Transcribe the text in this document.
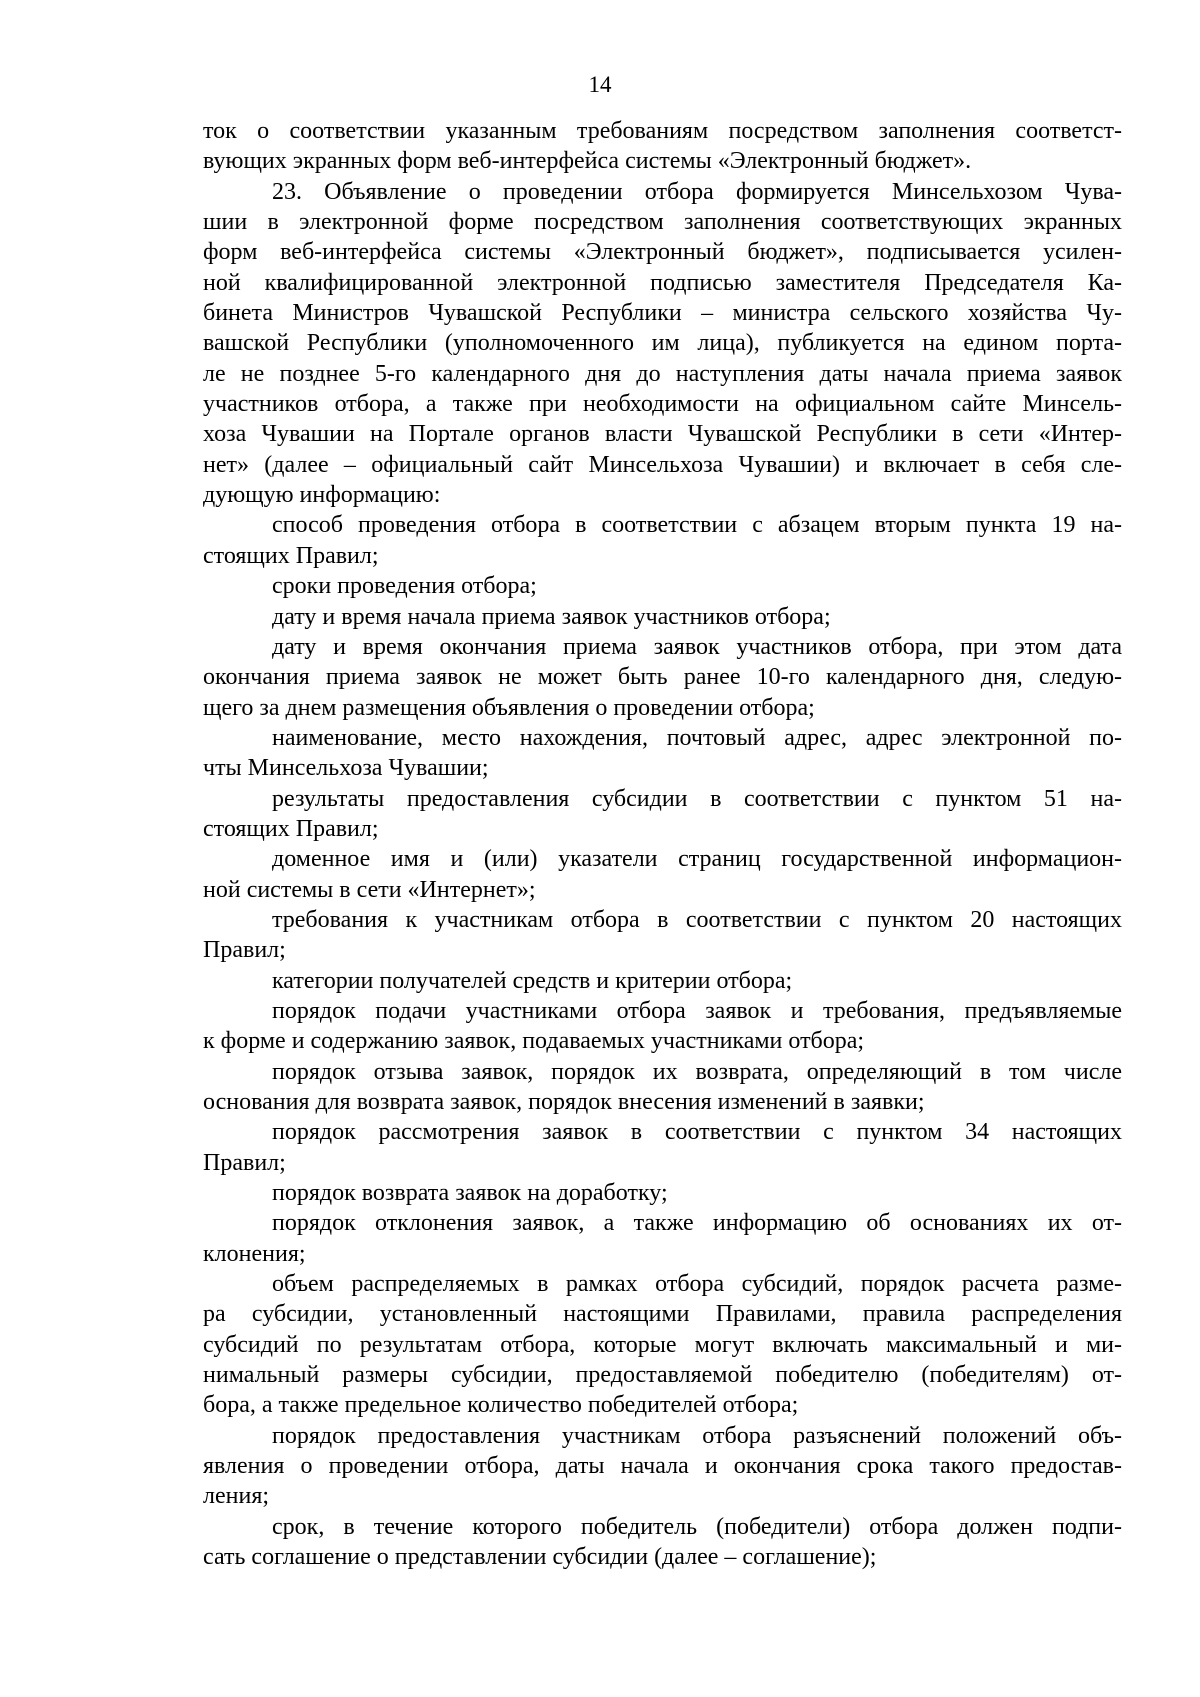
14
ток о соответствии указанным требованиям посредством заполнения соответст-
вующих экранных форм веб-интерфейса системы «Электронный бюджет».
23. Объявление о проведении отбора формируется Минсельхозом Чува-
шии в электронной форме посредством заполнения соответствующих экранных
форм веб-интерфейса системы «Электронный бюджет», подписывается усилен-
ной квалифицированной электронной подписью заместителя Председателя Ка-
бинета Министров Чувашской Республики – министра сельского хозяйства Чу-
вашской Республики (уполномоченного им лица), публикуется на едином порта-
ле не позднее 5-го календарного дня до наступления даты начала приема заявок
участников отбора, а также при необходимости на официальном сайте Минсель-
хоза Чувашии на Портале органов власти Чувашской Республики в сети «Интер-
нет» (далее – официальный сайт Минсельхоза Чувашии) и включает в себя сле-
дующую информацию:
способ проведения отбора в соответствии с абзацем вторым пункта 19 на-
стоящих Правил;
сроки проведения отбора;
дату и время начала приема заявок участников отбора;
дату и время окончания приема заявок участников отбора, при этом дата
окончания приема заявок не может быть ранее 10-го календарного дня, следую-
щего за днем размещения объявления о проведении отбора;
наименование, место нахождения, почтовый адрес, адрес электронной по-
чты Минсельхоза Чувашии;
результаты предоставления субсидии в соответствии с пунктом 51 на-
стоящих Правил;
доменное имя и (или) указатели страниц государственной информацион-
ной системы в сети «Интернет»;
требования к участникам отбора в соответствии с пунктом 20 настоящих
Правил;
категории получателей средств и критерии отбора;
порядок подачи участниками отбора заявок и требования, предъявляемые
к форме и содержанию заявок, подаваемых участниками отбора;
порядок отзыва заявок, порядок их возврата, определяющий в том числе
основания для возврата заявок, порядок внесения изменений в заявки;
порядок рассмотрения заявок в соответствии с пунктом 34 настоящих
Правил;
порядок возврата заявок на доработку;
порядок отклонения заявок, а также информацию об основаниях их от-
клонения;
объем распределяемых в рамках отбора субсидий, порядок расчета разме-
ра субсидии, установленный настоящими Правилами, правила распределения
субсидий по результатам отбора, которые могут включать максимальный и ми-
нимальный размеры субсидии, предоставляемой победителю (победителям) от-
бора, а также предельное количество победителей отбора;
порядок предоставления участникам отбора разъяснений положений объ-
явления о проведении отбора, даты начала и окончания срока такого предостав-
ления;
срок, в течение которого победитель (победители) отбора должен подпи-
сать соглашение о представлении субсидии (далее – соглашение);
